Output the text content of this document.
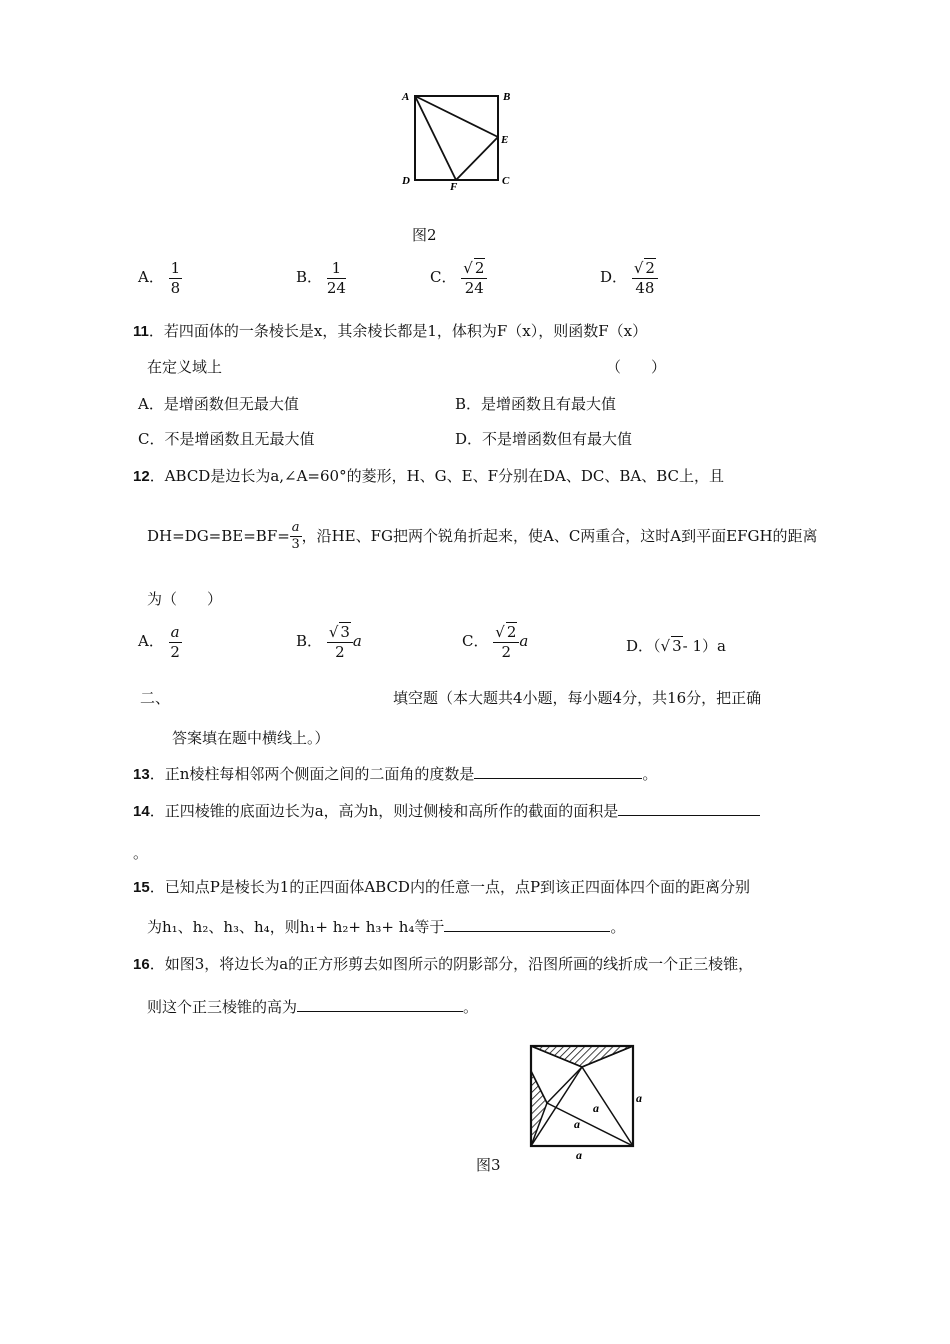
A	B
E
C
D	F
图2
A． $\frac{1}{8}$	B． $\frac{1}{24}$	C． $\frac{√ 2}{24}$	D． $\frac{√ 2}{48}$
11．若四面体的一条棱长是x，其余棱长都是1，体积为F（x），则函数F（x）
在定义域上	（　　）
A．是增函数但无最大值	B．是增函数且有最大值
C．不是增函数且无最大值	D．不是增函数但有最大值
12．ABCD是边长为a,∠A=60°的菱形，H、G、E、F分别在DA、DC、BA、BC上，且
$DH=DG=BE=BF= \frac{a}{3}$ ，沿HE、FG把两个锐角折起来，使A、C两重合，这时A到平面EFGH的距离
为（　　）
A． $\frac{a}{2}$	B． $\frac{√ 3}{2}$ a	C． $\frac{√ 2}{2}$ a	D．（√ 3- 1）a
二、	填空题（本大题共4小题，每小题4分，共16分，把正确
答案填在题中横线上。）
13．正n棱柱每相邻两个侧面之间的二面角的度数是	。
14．正四棱锥的底面边长为a，高为h，则过侧棱和高所作的截面的面积是
。
15．已知点P是棱长为1的正四面体ABCD内的任意一点，点P到该正四面体四个面的距离分别
为h₁、h₂、h₃、h₄，则h₁+ h₂+ h₃+ h₄等于	。
16．如图3，将边长为a的正方形剪去如图所示的阴影部分，沿图所画的线折成一个正三棱锥，
则这个正三棱锥的高为	。
a
a
a
a
图3
